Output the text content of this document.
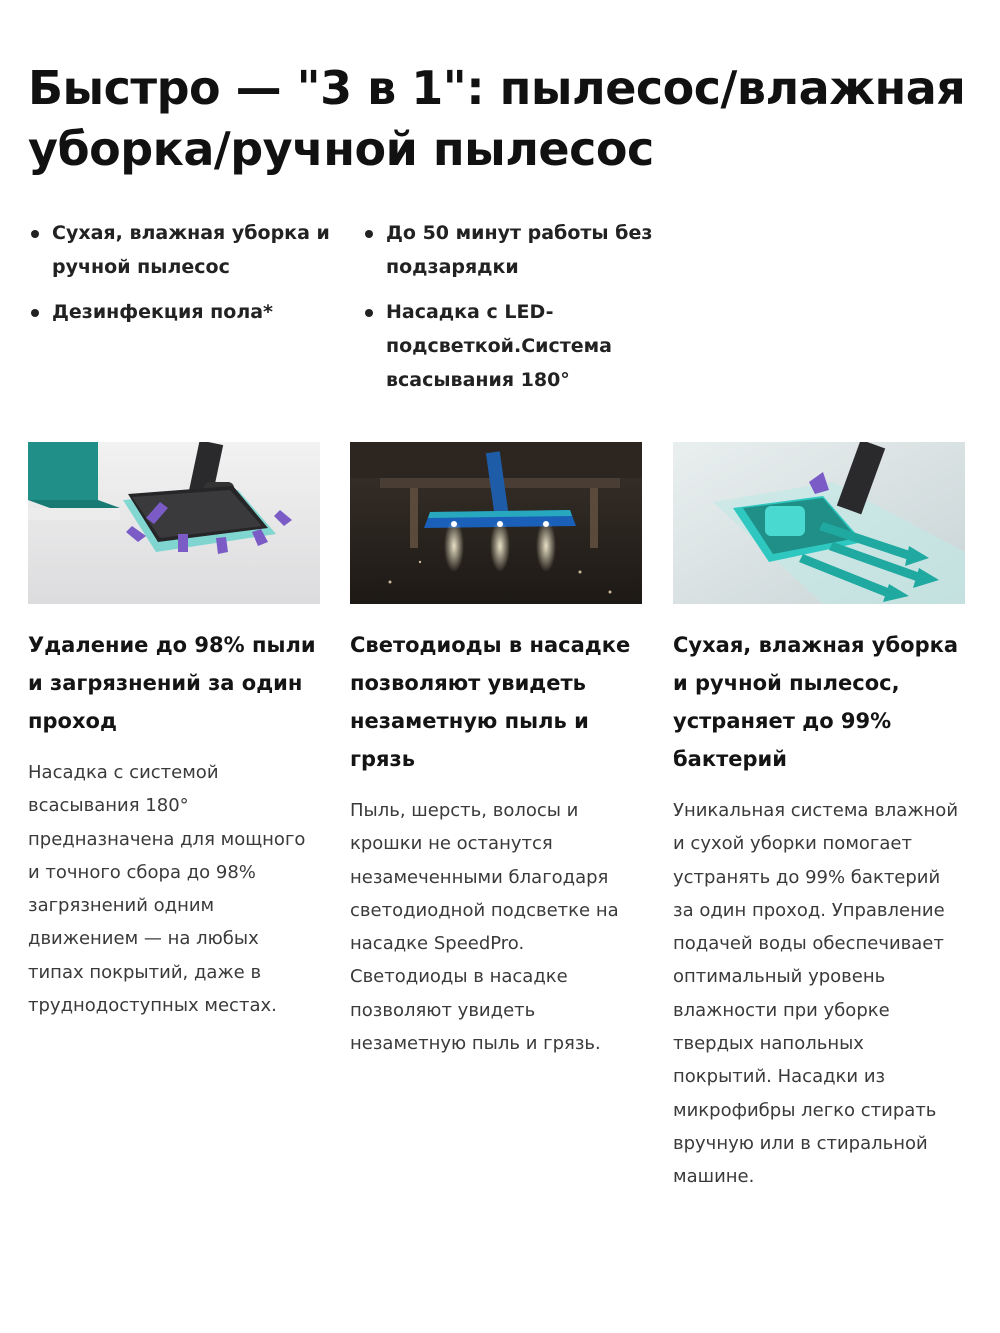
Быстро — "3 в 1": пылесос/влажная уборка/ручной пылесос
Сухая, влажная уборка и ручной пылесос
Дезинфекция пола*
До 50 минут работы без подзарядки
Насадка с LED-подсветкой.Система всасывания 180°

Удаление до 98% пыли и загрязнений за один проход

Насадка с системой всасывания 180° предназначена для мощного и точного сбора до 98% загрязнений одним движением — на любых типах покрытий, даже в труднодоступных местах.

Светодиоды в насадке позволяют увидеть незаметную пыль и грязь

Пыль, шерсть, волосы и крошки не останутся незамеченными благодаря светодиодной подсветке на насадке SpeedPro. Светодиоды в насадке позволяют увидеть незаметную пыль и грязь.

Сухая, влажная уборка и ручной пылесос, устраняет до 99% бактерий

Уникальная система влажной и сухой уборки помогает устранять до 99% бактерий за один проход. Управление подачей воды обеспечивает оптимальный уровень влажности при уборке твердых напольных покрытий. Насадки из микрофибры легко стирать вручную или в стиральной машине.
